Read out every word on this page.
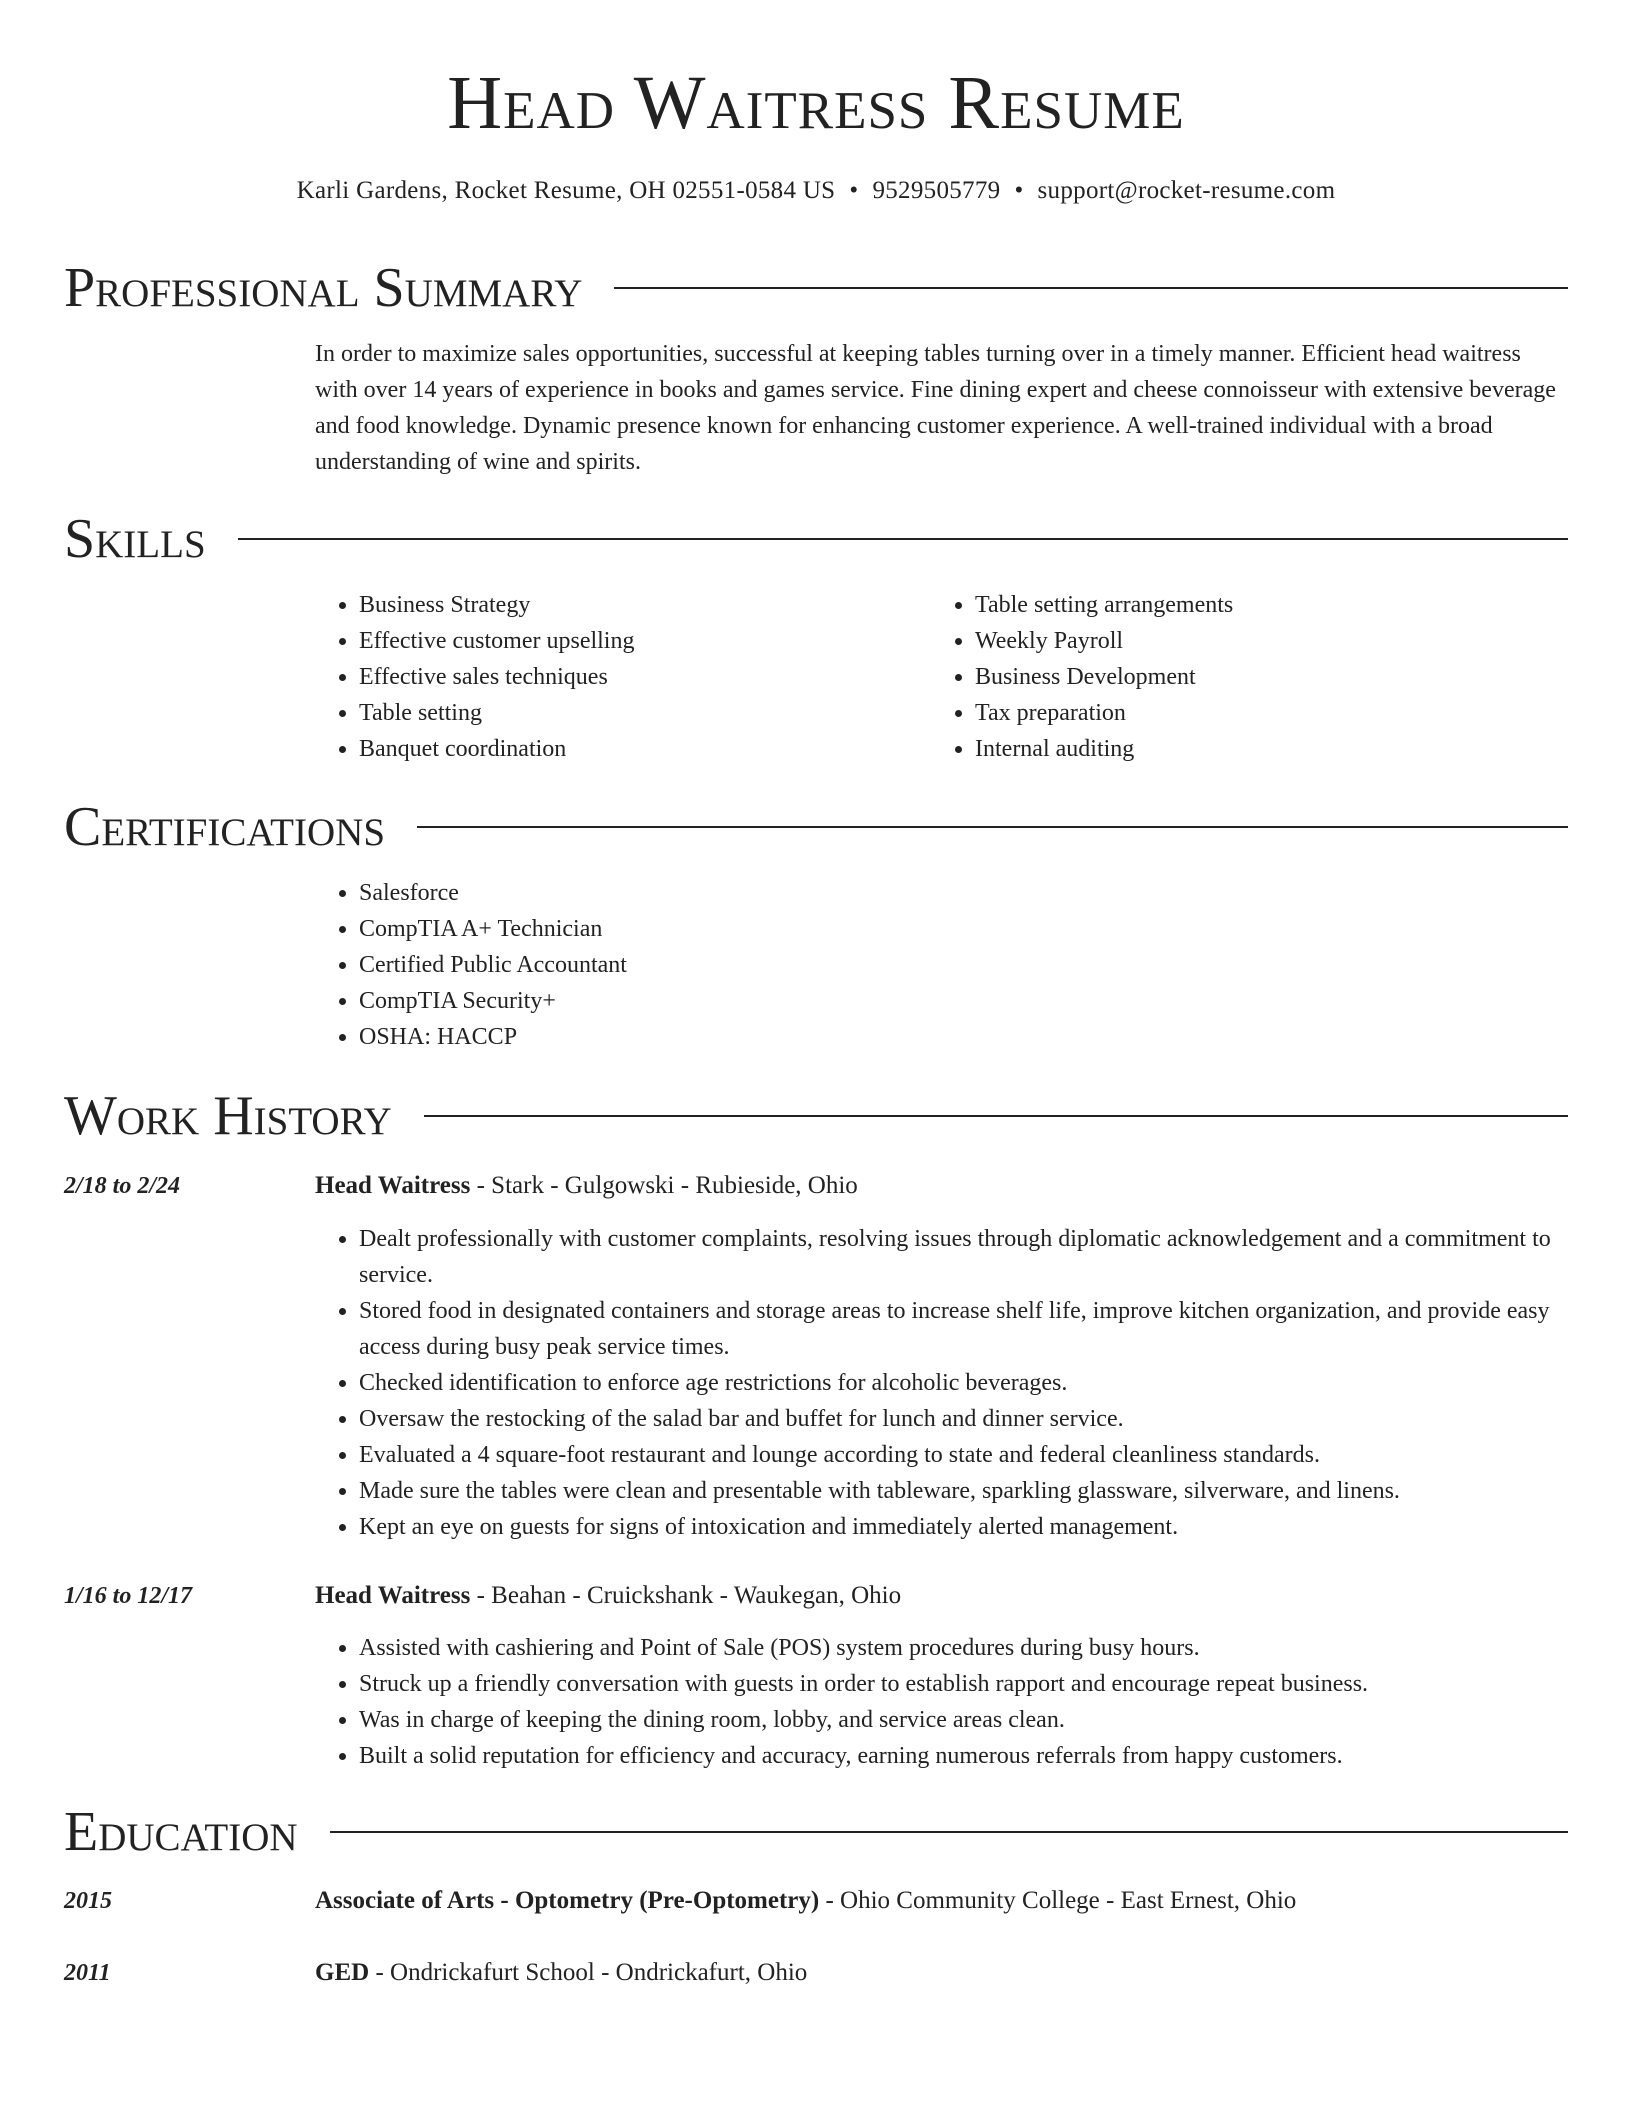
Head Waitress Resume
Karli Gardens, Rocket Resume, OH 02551-0584 US • 9529505779 • support@rocket-resume.com
Professional Summary
In order to maximize sales opportunities, successful at keeping tables turning over in a timely manner. Efficient head waitress with over 14 years of experience in books and games service. Fine dining expert and cheese connoisseur with extensive beverage and food knowledge. Dynamic presence known for enhancing customer experience. A well-trained individual with a broad understanding of wine and spirits.
Skills
• Business Strategy
• Effective customer upselling
• Effective sales techniques
• Table setting
• Banquet coordination
• Table setting arrangements
• Weekly Payroll
• Business Development
• Tax preparation
• Internal auditing
Certifications
• Salesforce
• CompTIA A+ Technician
• Certified Public Accountant
• CompTIA Security+
• OSHA: HACCP
Work History
2/18 to 2/24	Head Waitress - Stark - Gulgowski - Rubieside, Ohio
• Dealt professionally with customer complaints, resolving issues through diplomatic acknowledgement and a commitment to service.
• Stored food in designated containers and storage areas to increase shelf life, improve kitchen organization, and provide easy access during busy peak service times.
• Checked identification to enforce age restrictions for alcoholic beverages.
• Oversaw the restocking of the salad bar and buffet for lunch and dinner service.
• Evaluated a 4 square-foot restaurant and lounge according to state and federal cleanliness standards.
• Made sure the tables were clean and presentable with tableware, sparkling glassware, silverware, and linens.
• Kept an eye on guests for signs of intoxication and immediately alerted management.
1/16 to 12/17	Head Waitress - Beahan - Cruickshank - Waukegan, Ohio
• Assisted with cashiering and Point of Sale (POS) system procedures during busy hours.
• Struck up a friendly conversation with guests in order to establish rapport and encourage repeat business.
• Was in charge of keeping the dining room, lobby, and service areas clean.
• Built a solid reputation for efficiency and accuracy, earning numerous referrals from happy customers.
Education
2015	Associate of Arts - Optometry (Pre-Optometry) - Ohio Community College - East Ernest, Ohio
2011	GED - Ondrickafurt School - Ondrickafurt, Ohio
